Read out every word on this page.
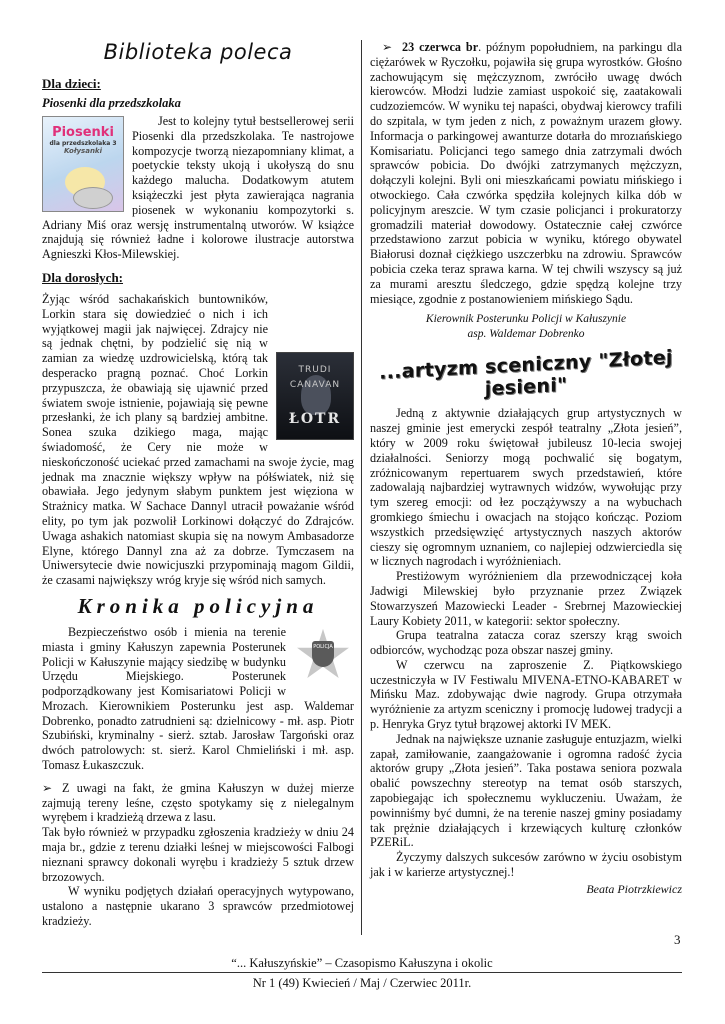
Biblioteka poleca
Dla dzieci:
Piosenki dla przedszkolaka
Piosenki
dla przedszkolaka 3
Kołysanki

Jest to kolejny tytuł bestsellerowej serii Piosenki dla przedszkolaka. Te nastrojowe kompozycje tworzą niezapomniany klimat, a poetyckie teksty ukoją i ukołyszą do snu każdego malucha. Dodatkowym atutem książeczki jest płyta zawierająca nagrania piosenek w wykonaniu kompozytorki s. Adriany Miś oraz wersję instrumentalną utworów. W książce znajdują się również ładne i kolorowe ilustracje autorstwa Agnieszki Kłos-Milewskiej.

Dla dorosłych:

TRUDI CANAVAN
ŁOTR
Żyjąc wśród sachakańskich buntowników, Lorkin stara się dowiedzieć o nich i ich wyjątkowej magii jak najwięcej. Zdrajcy nie są jednak chętni, by podzielić się nią w zamian za wiedzę uzdrowicielską, którą tak desperacko pragną poznać. Choć Lorkin przypuszcza, że obawiają się ujawnić przed światem swoje istnienie, pojawiają się pewne przesłanki, że ich plany są bardziej ambitne. Sonea szuka dzikiego maga, mając świadomość, że Cery nie może w nieskończoność uciekać przed zamachami na swoje życie, mag jednak ma znacznie większy wpływ na półświatek, niż się obawiała. Jego jedynym słabym punktem jest więziona w Strażnicy matka. W Sachace Dannyl utracił poważanie wśród elity, po tym jak pozwolił Lorkinowi dołączyć do Zdrajców. Uwaga ashakich natomiast skupia się na nowym Ambasadorze Elyne, którego Dannyl zna aż za dobrze. Tymczasem na Uniwersytecie dwie nowicjuszki przypominają magom Gildii, że czasami największy wróg kryje się wśród nich samych.

Kronika policyjna
POLICJA

Bezpieczeństwo osób i mienia na terenie miasta i gminy Kałuszyn zapewnia Posterunek Policji w Kałuszynie mający siedzibę w budynku Urzędu Miejskiego. Posterunek podporządkowany jest Komisariatowi Policji w Mrozach. Kierownikiem Posterunku jest asp. Waldemar Dobrenko, ponadto zatrudnieni są: dzielnicowy - mł. asp. Piotr Szubiński, kryminalny - sierż. sztab. Jarosław Targoński oraz dwóch patrolowych: st. sierż. Karol Chmieliński i mł. asp. Tomasz Łukaszczuk.

➢ Z uwagi na fakt, że gmina Kałuszyn w dużej mierze zajmują tereny leśne, często spotykamy się z nielegalnym wyrębem i kradzieżą drzewa z lasu.

Tak było również w przypadku zgłoszenia kradzieży w dniu 24 maja br., gdzie z terenu działki leśnej w miejscowości Falbogi nieznani sprawcy dokonali wyrębu i kradzieży 5 sztuk drzew brzozowych.

W wyniku podjętych działań operacyjnych wytypowano, ustalono a następnie ukarano 3 sprawców przedmiotowej kradzieży.

➢ 23 czerwca br. późnym popołudniem, na parkingu dla ciężarówek w Ryczołku, pojawiła się grupa wyrostków. Głośno zachowującym się mężczyznom, zwróciło uwagę dwóch kierowców. Młodzi ludzie zamiast uspokoić się, zaatakowali cudzoziemców. W wyniku tej napaści, obydwaj kierowcy trafili do szpitala, w tym jeden z nich, z poważnym urazem głowy. Informacja o parkingowej awanturze dotarła do mrozıańskiego Komisariatu. Policjanci tego samego dnia zatrzymali dwóch sprawców pobicia. Do dwójki zatrzymanych mężczyzn, dołączyli kolejni. Byli oni mieszkańcami powiatu mińskiego i otwockiego. Cała czwórka spędziła kolejnych kilka dób w policyjnym areszcie. W tym czasie policjanci i prokuratorzy gromadzili materiał dowodowy. Ostatecznie całej czwórce przedstawiono zarzut pobicia w wyniku, którego obywatel Białorusi doznał ciężkiego uszczerbku na zdrowiu. Sprawców pobicia czeka teraz sprawa karna. W tej chwili wszyscy są już za murami aresztu śledczego, gdzie spędzą kolejne trzy miesiące, zgodnie z postanowieniem mińskiego Sądu.

Kierownik Posterunku Policji w Kałuszynie
asp. Waldemar Dobrenko
...artyzm sceniczny "Złotej jesieni"

Jedną z aktywnie działających grup artystycznych w naszej gminie jest emerycki zespół teatralny „Złota jesień”, który w 2009 roku świętował jubileusz 10-lecia swojej działalności. Seniorzy mogą pochwalić się bogatym, zróżnicowanym repertuarem swych przedstawień, które zadowalają najbardziej wytrawnych widzów, wywołując przy tym szereg emocji: od łez począżywszy a na wybuchach gromkiego śmiechu i owacjach na stojąco kończąc. Poziom wszystkich przedsięwzięć artystycznych naszych aktorów cieszy się ogromnym uznaniem, co najlepiej odzwierciedla się w licznych nagrodach i wyróżnieniach.

Prestiżowym wyróżnieniem dla przewodniczącej koła Jadwigi Milewskiej było przyznanie przez Związek Stowarzyszeń Mazowiecki Leader - Srebrnej Mazowieckiej Laury Kobiety 2011, w kategorii: sektor społeczny.

Grupa teatralna zatacza coraz szerszy krąg swoich odbiorców, wychodząc poza obszar naszej gminy.

W czerwcu na zaproszenie Z. Piątkowskiego uczestniczyła w IV Festiwalu MIVENA-ETNO-KABARET w Mińsku Maz. zdobywając dwie nagrody. Grupa otrzymała wyróżnienie za artyzm sceniczny i promocję ludowej tradycji a p. Henryka Gryz tytuł brązowej aktorki IV MEK.

Jednak na największe uznanie zasługuje entuzjazm, wielki zapał, zamiłowanie, zaangażowanie i ogromna radość życia aktorów grupy „Złota jesień”. Taka postawa seniora pozwala obalić powszechny stereotyp na temat osób starszych, zapobiegając ich społecznemu wykluczeniu. Uważam, że powinniśmy być dumni, że na terenie naszej gminy posiadamy tak prężnie działających i krzewiących kulturę członków PZERiL.

Życzymy dalszych sukcesów zarówno w życiu osobistym jak i w karierze artystycznej.!

Beata Piotrzkiewicz
3
“... Kałuszyńskie” – Czasopismo Kałuszyna i okolic
Nr 1 (49) Kwiecień / Maj / Czerwiec 2011r.
